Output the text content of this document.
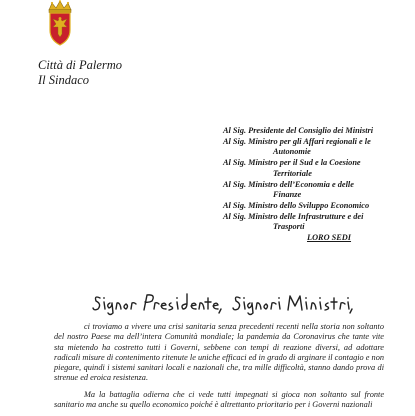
Città di Palermo
Il Sindaco
Al Sig. Presidente del Consiglio dei Ministri
Al Sig. Ministro per gli Affari regionali e le
Autonomie
Al Sig. Ministro per il Sud e la Coesione
Territoriale
Al Sig. Ministro dell’Economia e delle
Finanze
Al Sig. Ministro dello Sviluppo Economico
Al Sig. Ministro delle Infrastrutture e dei
Trasporti
LORO SEDI

ci troviamo a vivere una crisi sanitaria senza precedenti recenti nella storia non soltanto del nostro Paese ma dell’intera Comunità mondiale; la pandemia da Coronavirus che tante vite sta mietendo ha costretto tutti i Governi, sebbene con tempi di reazione diversi, ad adottare radicali misure di contenimento ritenute le uniche efficaci ed in grado di arginare il contagio e non piegare, quindi i sistemi sanitari locali e nazionali che, tra mille difficoltà, stanno dando prova di strenue ed eroica resistenza.

Ma la battaglia odierna che ci vede tutti impegnati si gioca non soltanto sul fronte sanitario ma anche su quello economico poiché è altrettanto prioritario per i Governi nazionali
